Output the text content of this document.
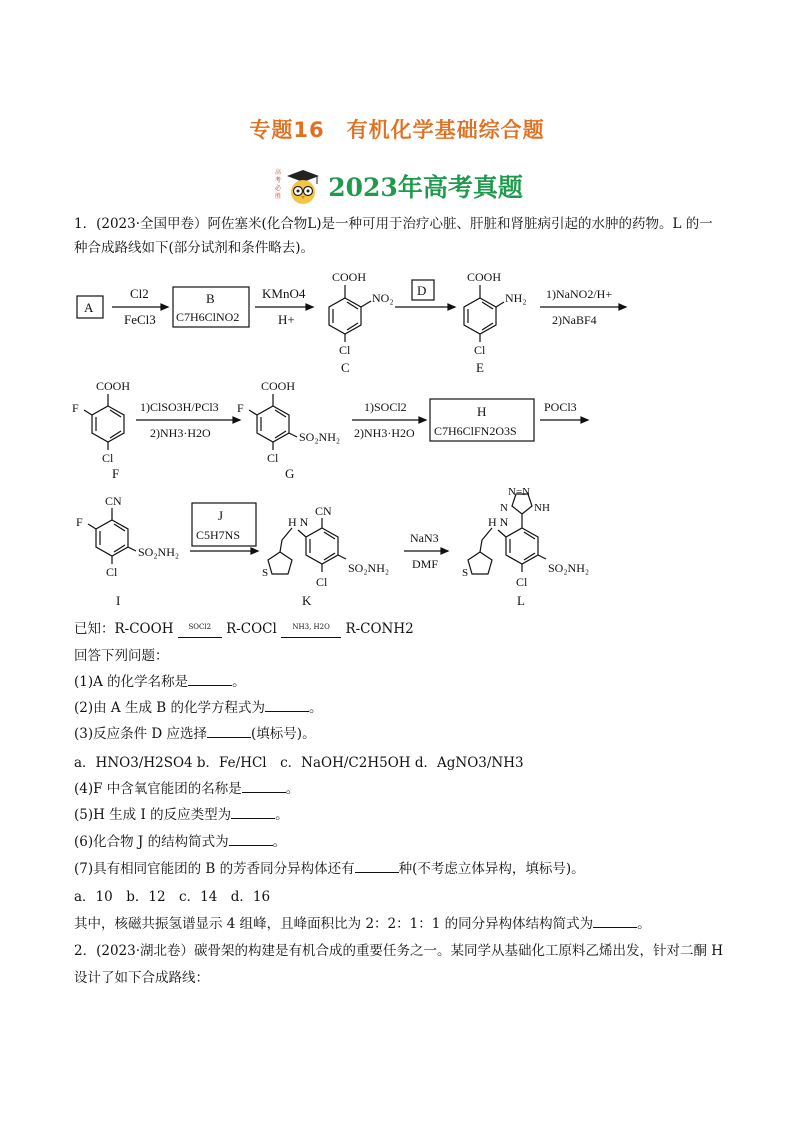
专题16　有机化学基础综合题
高
考
必
胜 2023年高考真题
1．(2023·全国甲卷）阿佐塞米(化合物L)是一种可用于治疗心脏、肝脏和肾脏病引起的水肿的药物。L 的一
种合成路线如下(部分试剂和条件略去)。
A
Cl2
FeCl3
B
C7H6ClNO2
KMnO4
H+
COOH
NO₂
Cl
C
D
COOH
NH₂
Cl
E
1)NaNO2/H+
2)NaBF4
COOH
F
Cl
F
1)ClSO3H/PCl3
2)NH3·H2O
COOH
F
SO₂NH₂
Cl
G
1)SOCl2
2)NH3·H2O
H
C7H6ClFN2O3S
POCl3
CN
F
SO₂NH₂
Cl
I
J
C5H7NS
H N
CN
SO₂NH₂
Cl
S
K
NaN3
DMF
H N
N=N
N NH
SO₂NH₂
Cl
S
L
已知：R-COOH SOCl2 R-COCl NH3, H2O R-CONH2
回答下列问题：
(1)A 的化学名称是	。
(2)由 A 生成 B 的化学方程式为	。
(3)反应条件 D 应选择	(填标号)。
a．HNO3/H2SO4 b．Fe/HCl　c．NaOH/C2H5OH d．AgNO3/NH3
(4)F 中含氧官能团的名称是	。
(5)H 生成 I 的反应类型为	。
(6)化合物 J 的结构简式为	。
(7)具有相同官能团的 B 的芳香同分异构体还有	种(不考虑立体异构，填标号)。
a．10　b．12　c．14　d．16
其中，核磁共振氢谱显示 4 组峰，且峰面积比为 2：2：1：1 的同分异构体结构简式为	。
2．(2023·湖北卷）碳骨架的构建是有机合成的重要任务之一。某同学从基础化工原料乙烯出发，针对二酮 H
设计了如下合成路线：
